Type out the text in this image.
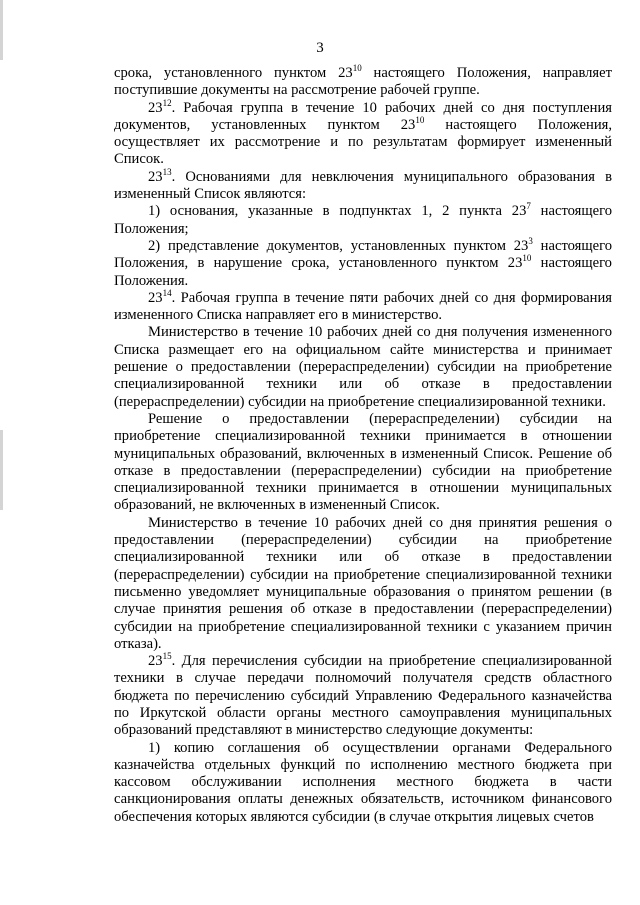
3

срока, установленного пунктом $23^{10}$ настоящего Положения, направляет поступившие документы на рассмотрение рабочей группе.

$23^{12}$. Рабочая группа в течение 10 рабочих дней со дня поступления документов, установленных пунктом $23^{10}$ настоящего Положения, осуществляет их рассмотрение и по результатам формирует измененный Список.

$23^{13}$. Основаниями для невключения муниципального образования в измененный Список являются:

1) основания, указанные в подпунктах 1, 2 пункта $23^7$ настоящего Положения;

2) представление документов, установленных пунктом $23^3$ настоящего Положения, в нарушение срока, установленного пунктом $23^{10}$ настоящего Положения.

$23^{14}$. Рабочая группа в течение пяти рабочих дней со дня формирования измененного Списка направляет его в министерство.

Министерство в течение 10 рабочих дней со дня получения измененного Списка размещает его на официальном сайте министерства и принимает решение о предоставлении (перераспределении) субсидии на приобретение специализированной техники или об отказе в предоставлении (перераспределении) субсидии на приобретение специализированной техники.

Решение о предоставлении (перераспределении) субсидии на приобретение специализированной техники принимается в отношении муниципальных образований, включенных в измененный Список. Решение об отказе в предоставлении (перераспределении) субсидии на приобретение специализированной техники принимается в отношении муниципальных образований, не включенных в измененный Список.

Министерство в течение 10 рабочих дней со дня принятия решения о предоставлении (перераспределении) субсидии на приобретение специализированной техники или об отказе в предоставлении (перераспределении) субсидии на приобретение специализированной техники письменно уведомляет муниципальные образования о принятом решении (в случае принятия решения об отказе в предоставлении (перераспределении) субсидии на приобретение специализированной техники с указанием причин отказа).

$23^{15}$. Для перечисления субсидии на приобретение специализированной техники в случае передачи полномочий получателя средств областного бюджета по перечислению субсидий Управлению Федерального казначейства по Иркутской области органы местного самоуправления муниципальных образований представляют в министерство следующие документы:

1) копию соглашения об осуществлении органами Федерального казначейства отдельных функций по исполнению местного бюджета при кассовом обслуживании исполнения местного бюджета в части санкционирования оплаты денежных обязательств, источником финансового обеспечения которых являются субсидии (в случае открытия лицевых счетов
